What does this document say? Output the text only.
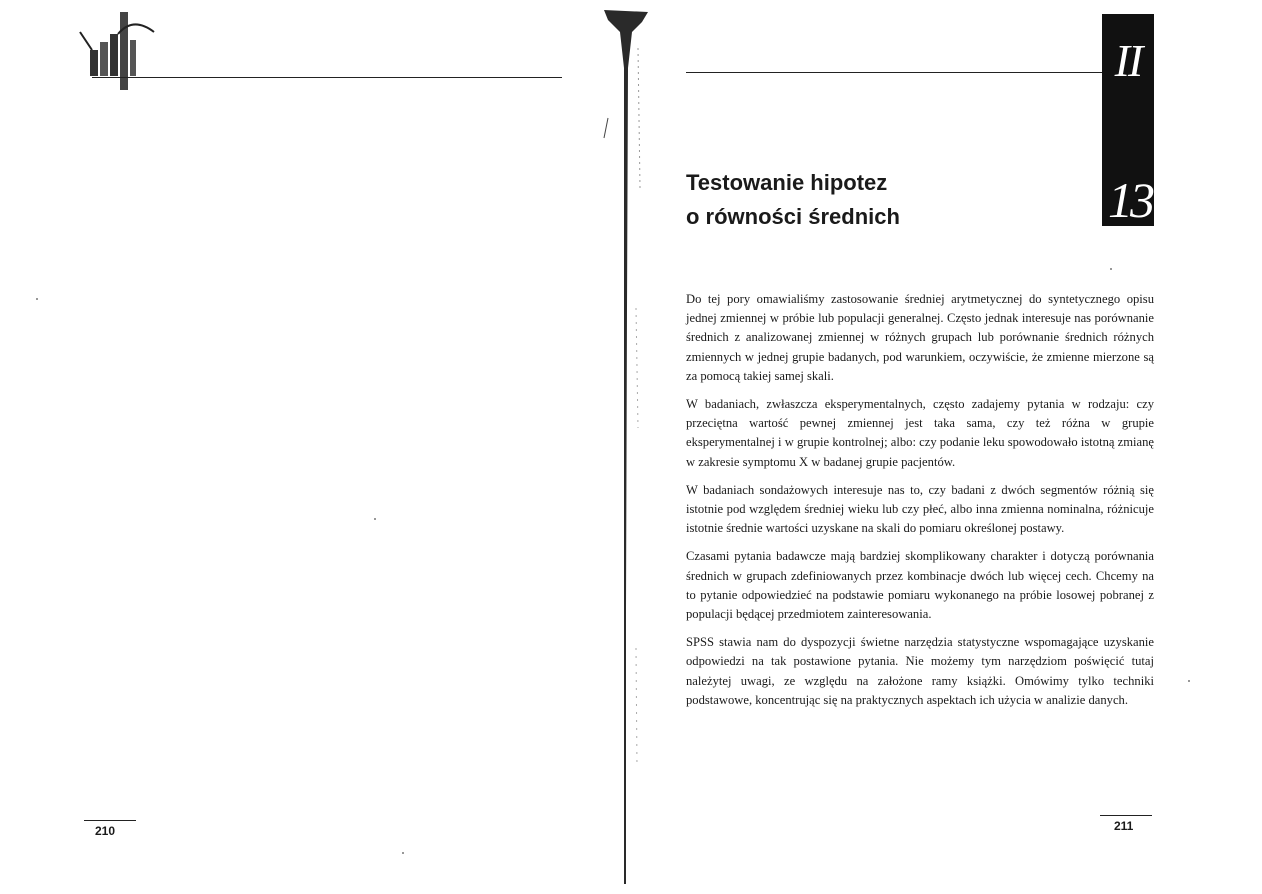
210
II
13
Testowanie hipotez
o równości średnich

Do tej pory omawialiśmy zastosowanie średniej arytmetycznej do syntetycznego opisu jednej zmiennej w próbie lub populacji generalnej. Często jednak interesuje nas porównanie średnich z analizowanej zmiennej w różnych grupach lub porównanie średnich różnych zmiennych w jednej grupie badanych, pod warunkiem, oczywiście, że zmienne mierzone są za pomocą takiej samej skali.

W badaniach, zwłaszcza eksperymentalnych, często zadajemy pytania w rodzaju: czy przeciętna wartość pewnej zmiennej jest taka sama, czy też różna w grupie eksperymentalnej i w grupie kontrolnej; albo: czy podanie leku spowodowało istotną zmianę w zakresie symptomu X w badanej grupie pacjentów.

W badaniach sondażowych interesuje nas to, czy badani z dwóch segmentów różnią się istotnie pod względem średniej wieku lub czy płeć, albo inna zmienna nominalna, różnicuje istotnie średnie wartości uzyskane na skali do pomiaru określonej postawy.

Czasami pytania badawcze mają bardziej skomplikowany charakter i dotyczą porównania średnich w grupach zdefiniowanych przez kombinacje dwóch lub więcej cech. Chcemy na to pytanie odpowiedzieć na podstawie pomiaru wykonanego na próbie losowej pobranej z populacji będącej przedmiotem zainteresowania.

SPSS stawia nam do dyspozycji świetne narzędzia statystyczne wspomagające uzyskanie odpowiedzi na tak postawione pytania. Nie możemy tym narzędziom poświęcić tutaj należytej uwagi, ze względu na założone ramy książki. Omówimy tylko techniki podstawowe, koncentrując się na praktycznych aspektach ich użycia w analizie danych.

211
